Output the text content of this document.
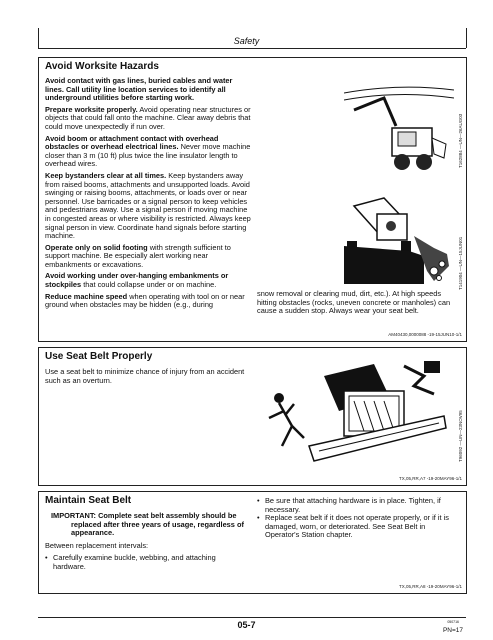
Safety
Avoid Worksite Hazards

Avoid contact with gas lines, buried cables and water lines. Call utility line location services to identify all underground utilities before starting work.

Prepare worksite properly. Avoid operating near structures or objects that could fall onto the machine. Clear away debris that could move unexpectedly if run over.

Avoid boom or attachment contact with overhead obstacles or overhead electrical lines. Never move machine closer than 3 m (10 ft) plus twice the line insulator length to overhead wires.

Keep bystanders clear at all times. Keep bystanders away from raised booms, attachments and unsupported loads. Avoid swinging or raising booms, attachments, or loads over or near personnel. Use barricades or a signal person to keep vehicles and pedestrians away. Use a signal person if moving machine in congested areas or where visibility is restricted. Always keep signal person in view. Coordinate hand signals before starting machine.

Operate only on solid footing with strength sufficient to support machine. Be especially alert working near embankments or excavations.

Avoid working under over-hanging embankments or stockpiles that could collapse under or on machine.

Reduce machine speed when operating with tool on or near ground when obstacles may be hidden (e.g., during

T162884 —UN—26AUG03
T141904 —UN—15JUN01
snow removal or clearing mud, dirt, etc.). At high speeds hitting obstacles (rocks, uneven concrete or manholes) can cause a sudden stop. Always wear your seat belt.
AM40430,0000088 -19-15JUN10-1/1
Use Seat Belt Properly
Use a seat belt to minimize chance of injury from an accident such as an overturn.
T96092 —UN—23NOV95
TX,05,RR,A7 -19-20MAY96-1/1
Maintain Seat Belt

IMPORTANT: Complete seat belt assembly should be replaced after three years of usage, regardless of appearance.

Between replacement intervals:

• Carefully examine buckle, webbing, and attaching hardware.
• Be sure that attaching hardware is in place. Tighten, if necessary.
• Replace seat belt if it does not operate properly, or if it is damaged, worn, or deteriorated. See Seat Belt in Operator's Station chapter.
TX,05,RR,A8 -19-20MAY96-1/1
05-7	050716
PN=17
